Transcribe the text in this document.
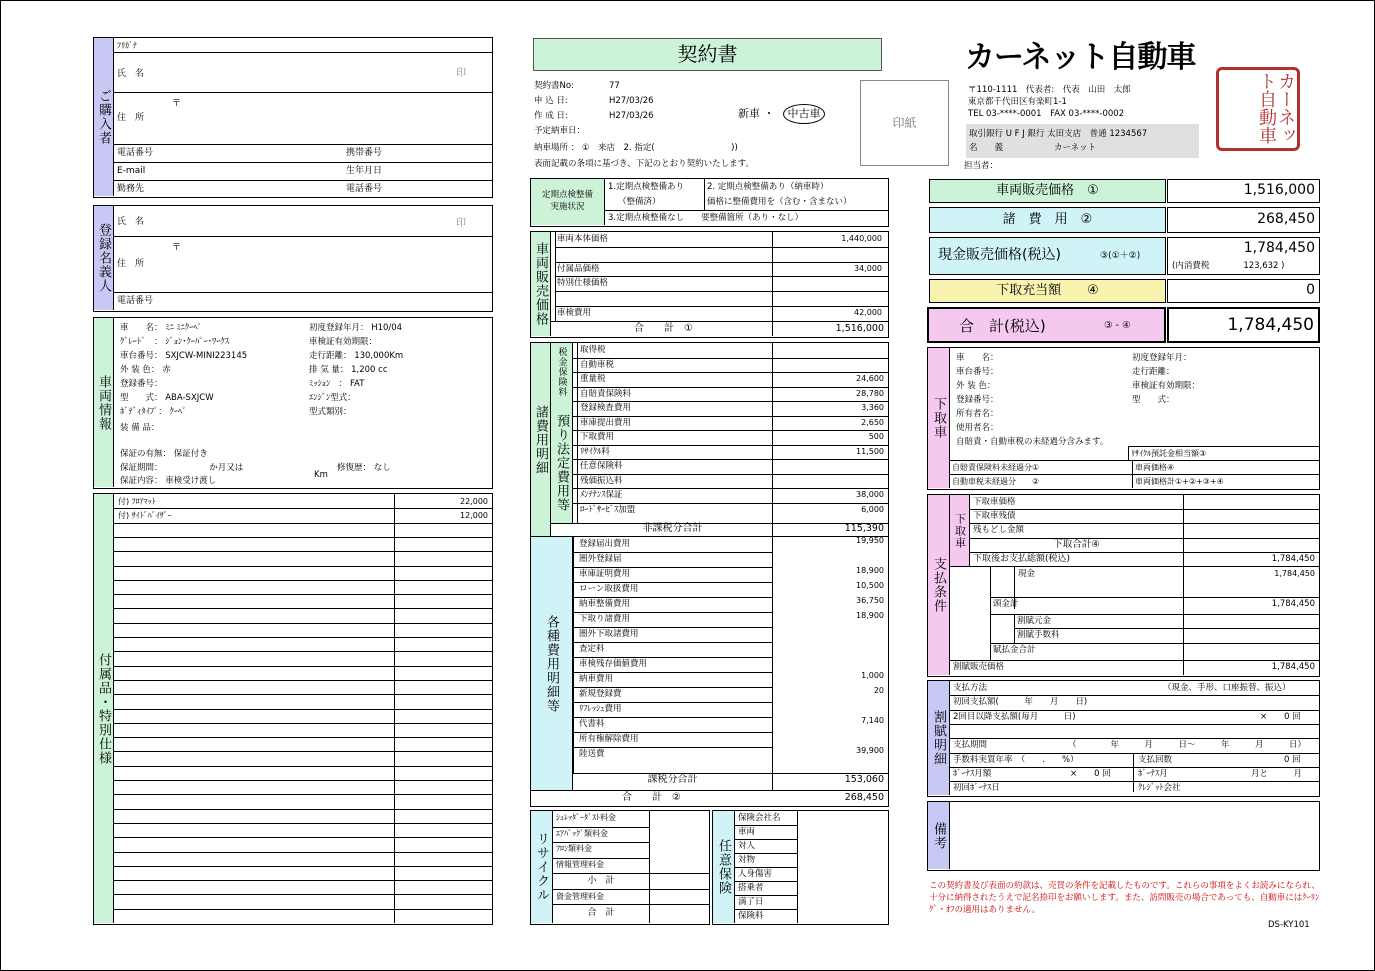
ご購入者
ﾌﾘｶﾞﾅ
氏　名	印
〒
住　所
電話番号	携帯番号
E-mail	生年月日
勤務先	電話番号
登録名義人
氏　名	印
〒
住　所
電話番号
車両情報
車　　名： ﾐﾆ ﾐﾆｸｰﾍﾟ
ｸﾞﾚｰﾄﾞ　： ｼﾞｮﾝ･ｸｰﾊﾟｰ･ﾜｰｸｽ
車台番号： SXJCW-MINI223145
外 装 色： 赤
登録番号：
型　　式： ABA-SXJCW
ﾎﾞﾃﾞｨﾀｲﾌﾟ： ｸｰﾍﾟ
装 備 品：
初度登録年月： H10/04
車検証有効期限：
走行距離： 130,000Km
排 気 量： 1,200 cc
ﾐｯｼｮﾝ　： FAT
ｴﾝｼﾞﾝ型式：
型式類別：
保証の有無： 保証付き
保証期間：　　　　　　か月又は
Km
修復歴： なし
保証内容： 車検受け渡し
付属品・特別仕様
付) ﾌﾛｱﾏｯﾄ	22,000
付) ｻｲﾄﾞﾊﾞｲｻﾞｰ	12,000
契約書
契約書No:	77
申 込 日:	H27/03/26
作 成 日:	H27/03/26
予定納車日：
納車場所 ： ①　来店　2. 指定(　　　　　　　　　))
表面記載の条項に基づき、下記のとおり契約いたします。
新車 ・	中古車
印紙
定期点検整備
実施状況
1.定期点検整備あり
（整備済）
2. 定期点検整備あり（納車時）
価格に整備費用を（含む・含まない）
3.定期点検整備なし　　要整備箇所（あり・なし）
車両販売価格
合　　計　①	1,516,000
車両本体価格	1,440,000
付属品価格	34,000
特別仕様価格
車検費用	42,000
諸費用明細
税金保険料
預り法定費用等
非課税分合計	115,390
各種費用明細等
課税分合計	153,060
合　　計　②	268,450
取得税
自動車税
重量税	24,600
自賠責保険料	28,780
登録検査費用	3,360
車庫提出費用	2,650
下取費用	500
ﾘｻｲｸﾙ料	11,500
任意保険料
残価振込料
ﾒﾝﾃﾅﾝｽ保証	38,000
ﾛｰﾄﾞｻｰﾋﾞｽ加盟	6,000
登録届出費用	19,950
圏外登録届
車庫証明費用	18,900
ローン取扱費用	10,500
納車整備費用	36,750
下取り諸費用	18,900
圏外下取諸費用
查定料
車検残存価値費用
納車費用	1,000
新規登録費	20
ﾘﾌﾚｯｼｭ費用
代書料	7,140
所有権解除費用
陸送費	39,900
リサイクル
ｼｭﾚｯﾀﾞｰﾀﾞｽﾄ料金
ｴｱﾊﾞｯｸﾞ類料金
ﾌﾛﾝ類料金
情報管理料金
小　計
資金管理料金
合　計
任意保険
保険会社名
車両
対人
対物
人身傷害
搭乗者
満了日
保険料
カーネット自動車
〒110-1111　代表者:　代表　山田　太郎
東京都千代田区有楽町1-1
TEL 03-****-0001　FAX 03-****-0002
取引銀行 U F J 銀行 太田支店　普通 1234567
名　　義	カーネット
カーネット自動車
担当者：
車両販売価格　①	1,516,000
諸　費　用　②	268,450
現金販売価格(税込)	③(①＋②)	1,784,450
(内消費税　　　　123,632 )
下取充当額　　④	0
合　計(税込)	③ - ④	1,784,450
下取車
車　　名：
車台番号：
外 装 色：
登録番号：
所有者名：
使用者名：
自賠責・自動車税の未経過分含みます。
初度登録年月：
走行距離：
車検証有効期限：
型　　式：
ﾘｻｲｸﾙ預託金相当額③
自賠責保険料未経過分①	車両価格④
自動車税未経過分　　②	車両価格計①+②+③+④
支払条件
下取車
下取車価格
下取車残債
残もどし金額
下取合計④
下取後お支払総額(税込)	1,784,450
現金	1,784,450
頭金計	1,784,450
割賦元金
割賦手数料
賦払金合計
割賦販売価格	1,784,450
割賦明細
支払方法	（現金、手形、口座振替、振込）
初回支払額(　　　年　　月　　日)
2回目以降支払額(毎月　　　日)	×　　0 回
支払期間	（　　　　年　　　月　　　日～　　　年　　　月　　　日）
手数料実質年率　（　　.　　%）	支払回数	0 回
ﾎﾞｰﾅｽ月額	×　　0 回	ﾎﾞｰﾅｽ月	月と　　　月
初回ﾎﾞｰﾅｽ日	ｸﾚｼﾞｯﾄ会社
備考
この契約書及び表面の約款は、売買の条件を記載したものです。これらの事項をよくお読みになられ、十分に納得されたうえで記名捺印をお願いします。また、訪問販売の場合であっても、自動車にはｸｰﾘﾝｸﾞ・ｵﾌの適用はありません。
DS-KY101
